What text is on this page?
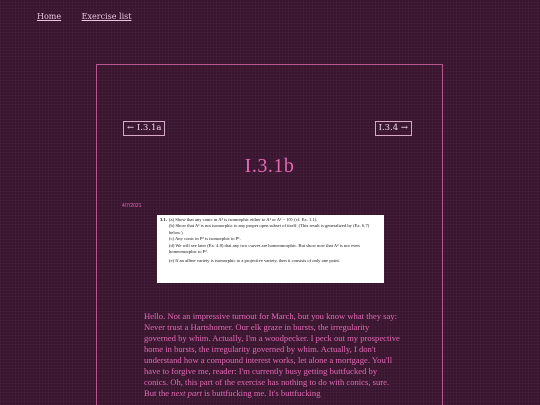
Home	Exercise list
← I.3.1a	I.3.4 →
I.3.1b
4/7/2021
3.1. (a) Show that any conic in A² is isomorphic either to A¹ or A¹ − {0} (cf. Ex. 1.1).
(b) Show that A¹ is not isomorphic to any proper open subset of itself. (This result is generalized by (Ex. 6.7) below.)
(c) Any conic in P² is isomorphic to P¹.
(d) We will see later (Ex. 4.8) that any two curves are homeomorphic. But show now that A² is not even homeomorphic to P².
(e) If an affine variety is isomorphic to a projective variety, then it consists of only one point.
Hello. Not an impressive turnout for March, but you know what they say: Never trust a Hartshorner. Our elk graze in bursts, the irregularity governed by whim. Actually, I'm a woodpecker. I peck out my prospective home in bursts, the irregularity governed by whim. Actually, I don't understand how a compound interest works, let alone a mortgage. You'll have to forgive me, reader: I'm currently busy getting buttfucked by conics. Oh, this part of the exercise has nothing to do with conics, sure. But the next part is buttfucking me. It's buttfucking
